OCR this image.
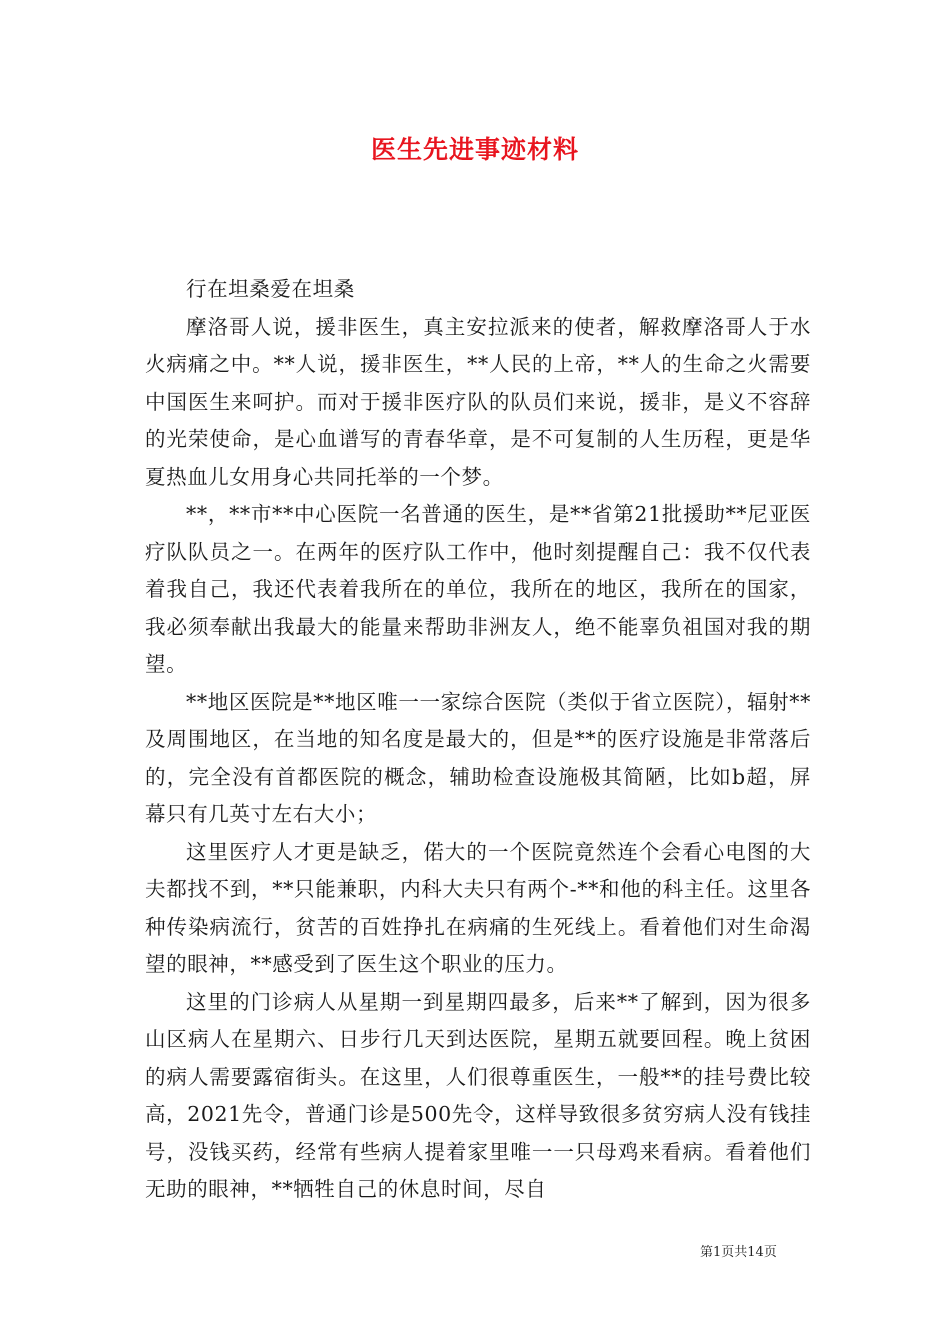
医生先进事迹材料

行在坦桑爱在坦桑

摩洛哥人说，援非医生，真主安拉派来的使者，解救摩洛哥人于水火病痛之中。**人说，援非医生，**人民的上帝，**人的生命之火需要中国医生来呵护。而对于援非医疗队的队员们来说，援非，是义不容辞的光荣使命，是心血谱写的青春华章，是不可复制的人生历程，更是华夏热血儿女用身心共同托举的一个梦。

**，**市**中心医院一名普通的医生，是**省第21批援助**尼亚医疗队队员之一。在两年的医疗队工作中，他时刻提醒自己：我不仅代表着我自己，我还代表着我所在的单位，我所在的地区，我所在的国家，我必须奉献出我最大的能量来帮助非洲友人，绝不能辜负祖国对我的期望。

**地区医院是**地区唯一一家综合医院（类似于省立医院），辐射**及周围地区，在当地的知名度是最大的，但是**的医疗设施是非常落后的，完全没有首都医院的概念，辅助检查设施极其简陋，比如b超，屏幕只有几英寸左右大小；

这里医疗人才更是缺乏，偌大的一个医院竟然连个会看心电图的大夫都找不到，**只能兼职，内科大夫只有两个-**和他的科主任。这里各种传染病流行，贫苦的百姓挣扎在病痛的生死线上。看着他们对生命渴望的眼神，**感受到了医生这个职业的压力。

这里的门诊病人从星期一到星期四最多，后来**了解到，因为很多山区病人在星期六、日步行几天到达医院，星期五就要回程。晚上贫困的病人需要露宿街头。在这里，人们很尊重医生，一般**的挂号费比较高，2021先令，普通门诊是500先令，这样导致很多贫穷病人没有钱挂号，没钱买药，经常有些病人提着家里唯一一只母鸡来看病。看着他们无助的眼神，**牺牲自己的休息时间，尽自

第1页共14页
